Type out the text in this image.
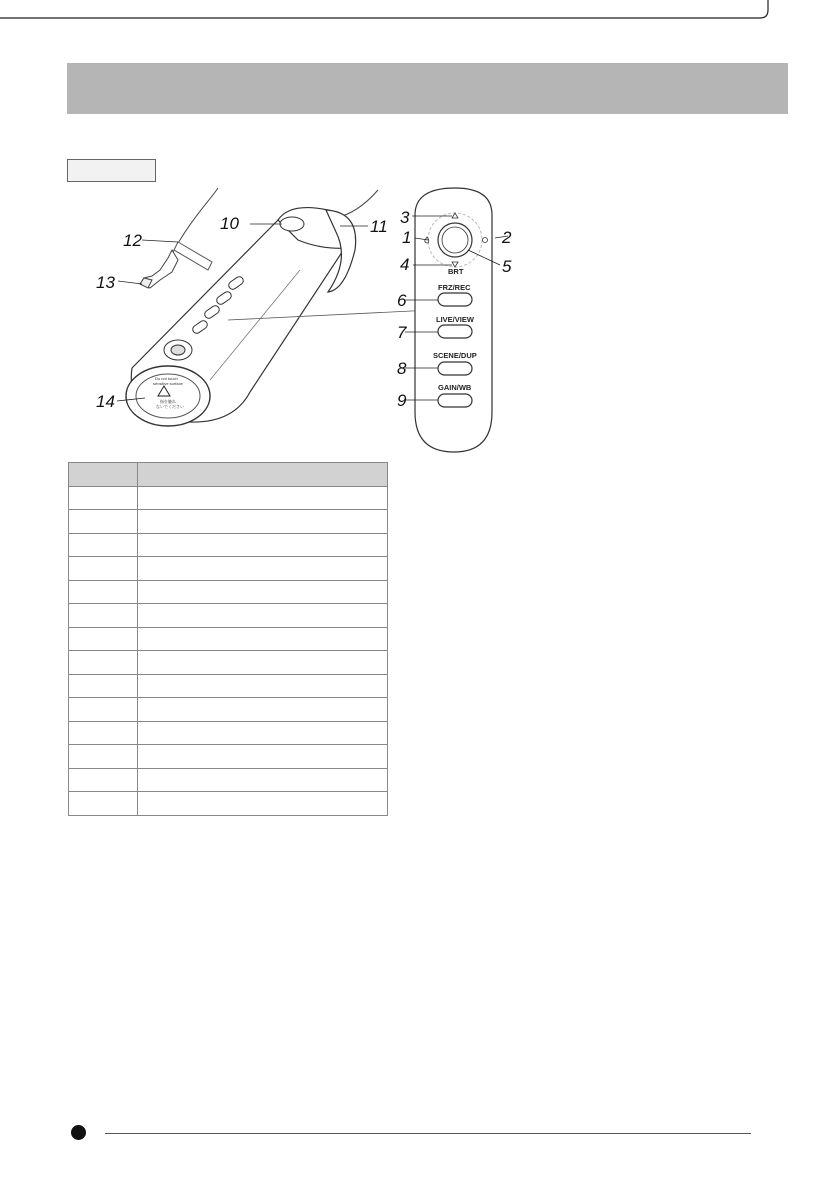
Do not touch
sensitive surface
指を触れ
ないでください
BRT
FRZ/REC
LIVE/VIEW
SCENE/DUP
GAIN/WB
3
1	2
4	5
6
7
8
9
10	11
12
13
14
